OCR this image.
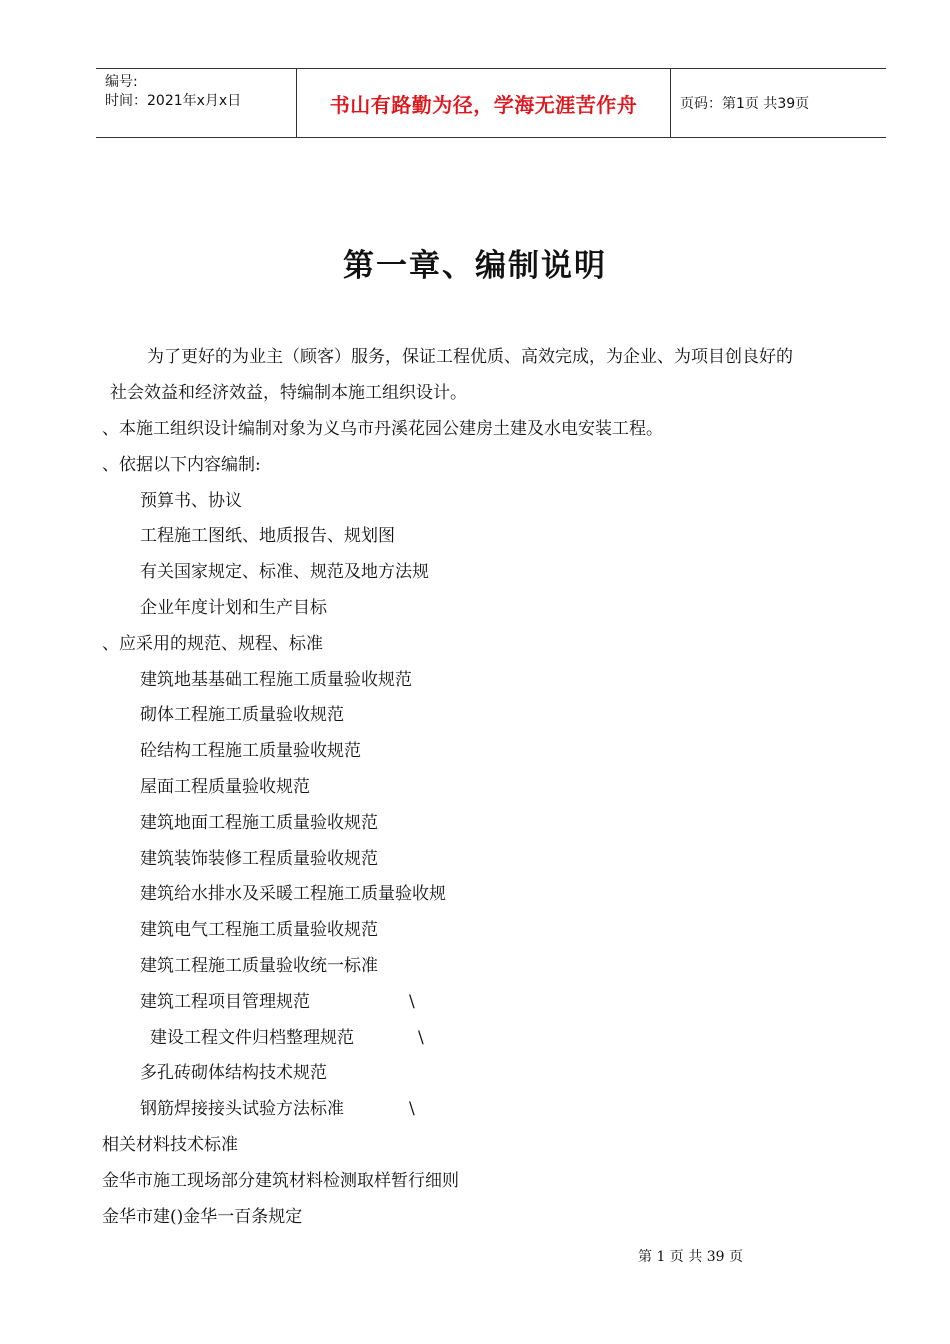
编号:
时间：2021年x月x日	书山有路勤为径，学海无涯苦作舟	页码：第1页 共39页
第一章、编制说明
为了更好的为业主（顾客）服务，保证工程优质、高效完成，为企业、为项目创良好的
社会效益和经济效益，特编制本施工组织设计。
、本施工组织设计编制对象为义乌市丹溪花园公建房土建及水电安装工程。
、依据以下内容编制:
预算书、协议
工程施工图纸、地质报告、规划图
有关国家规定、标准、规范及地方法规
企业年度计划和生产目标
、应采用的规范、规程、标准
建筑地基基础工程施工质量验收规范
砌体工程施工质量验收规范
砼结构工程施工质量验收规范
屋面工程质量验收规范
建筑地面工程施工质量验收规范
建筑装饰装修工程质量验收规范
建筑给水排水及采暖工程施工质量验收规
建筑电气工程施工质量验收规范
建筑工程施工质量验收统一标准
建筑工程项目管理规范	\
建设工程文件归档整理规范	\
多孔砖砌体结构技术规范
钢筋焊接接头试验方法标准	\
相关材料技术标准
金华市施工现场部分建筑材料检测取样暂行细则
金华市建()金华一百条规定
第 1 页 共 39 页
